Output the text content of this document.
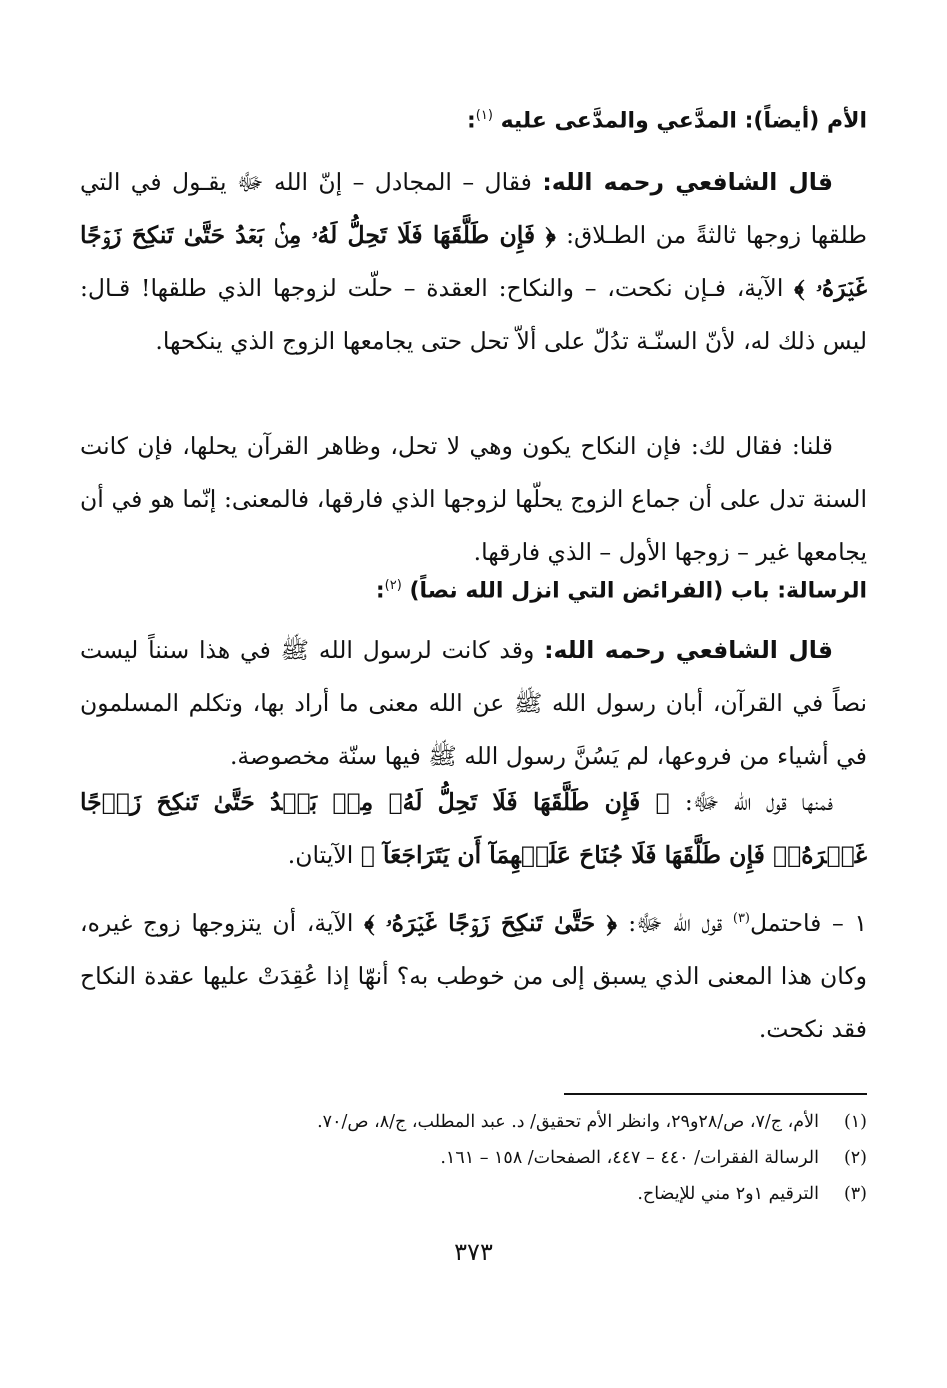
الأم (أيضاً): المدَّعي والمدَّعى عليه $^{(١)}$:
قال الشافعي رحمه الله: فقال – المجادل – إنّ الله ﷻ يقـول في التي طلقها زوجها ثالثةً من الطـلاق: ﴿ فَإِن طَلَّقَهَا فَلَا تَحِلُّ لَهُۥ مِنۢ بَعۡدُ حَتَّىٰ تَنكِحَ زَوۡجًا غَيۡرَهُۥ ﴾ الآية، فـإن نكحت، – والنكاح: العقدة – حلّت لزوجها الذي طلقها! قـال: ليس ذلك له، لأنّ السنّـة تدُلّ على ألاّ تحل حتى يجامعها الزوج الذي ينكحها.
قلنا: فقال لك: فإن النكاح يكون وهي لا تحل، وظاهر القرآن يحلها، فإن كانت السنة تدل على أن جماع الزوج يحلّها لزوجها الذي فارقها، فالمعنى: إنّما هو في أن يجامعها غير – زوجها الأول – الذي فارقها.
الرسالة: باب (الفرائض التي انزل الله نصاً) $^{(٢)}$:
قال الشافعي رحمه الله: وقد كانت لرسول الله ﷺ في هذا سنناً ليست نصاً في القرآن، أبان رسول الله ﷺ عن الله معنى ما أراد بها، وتكلم المسلمون في أشياء من فروعها، لم يَسُنَّ رسول الله ﷺ فيها سنّة مخصوصة.
فمنها قول الله ﷻ: ﴿ فَإِن طَلَّقَهَا فَلَا تَحِلُّ لَهُۥ مِنۢ بَعۡدُ حَتَّىٰ تَنكِحَ زَوۡجًا غَيۡرَهُۥۗ فَإِن طَلَّقَهَا فَلَا جُنَاحَ عَلَيۡهِمَآ أَن يَتَرَاجَعَآ ﴾ الآيتان.
١ – فاحتمل$^{(٣)}$ قول الله ﷻ: ﴿ حَتَّىٰ تَنكِحَ زَوۡجًا غَيۡرَهُۥ ﴾ الآية، أن يتزوجها زوج غيره، وكان هذا المعنى الذي يسبق إلى من خوطب به؟ أنهّا إذا عُقِدَتْ عليها عقدة النكاح فقد نكحت.
(١)الأم، ج/٧، ص/٢٨و٢٩، وانظر الأم تحقيق/ د. عبد المطلب، ج/٨، ص/٧٠.
(٢)الرسالة الفقرات/ ٤٤٠ – ٤٤٧، الصفحات/ ١٥٨ – ١٦١.
(٣)الترقيم ١و٢ مني للإيضاح.
٣٧٣
